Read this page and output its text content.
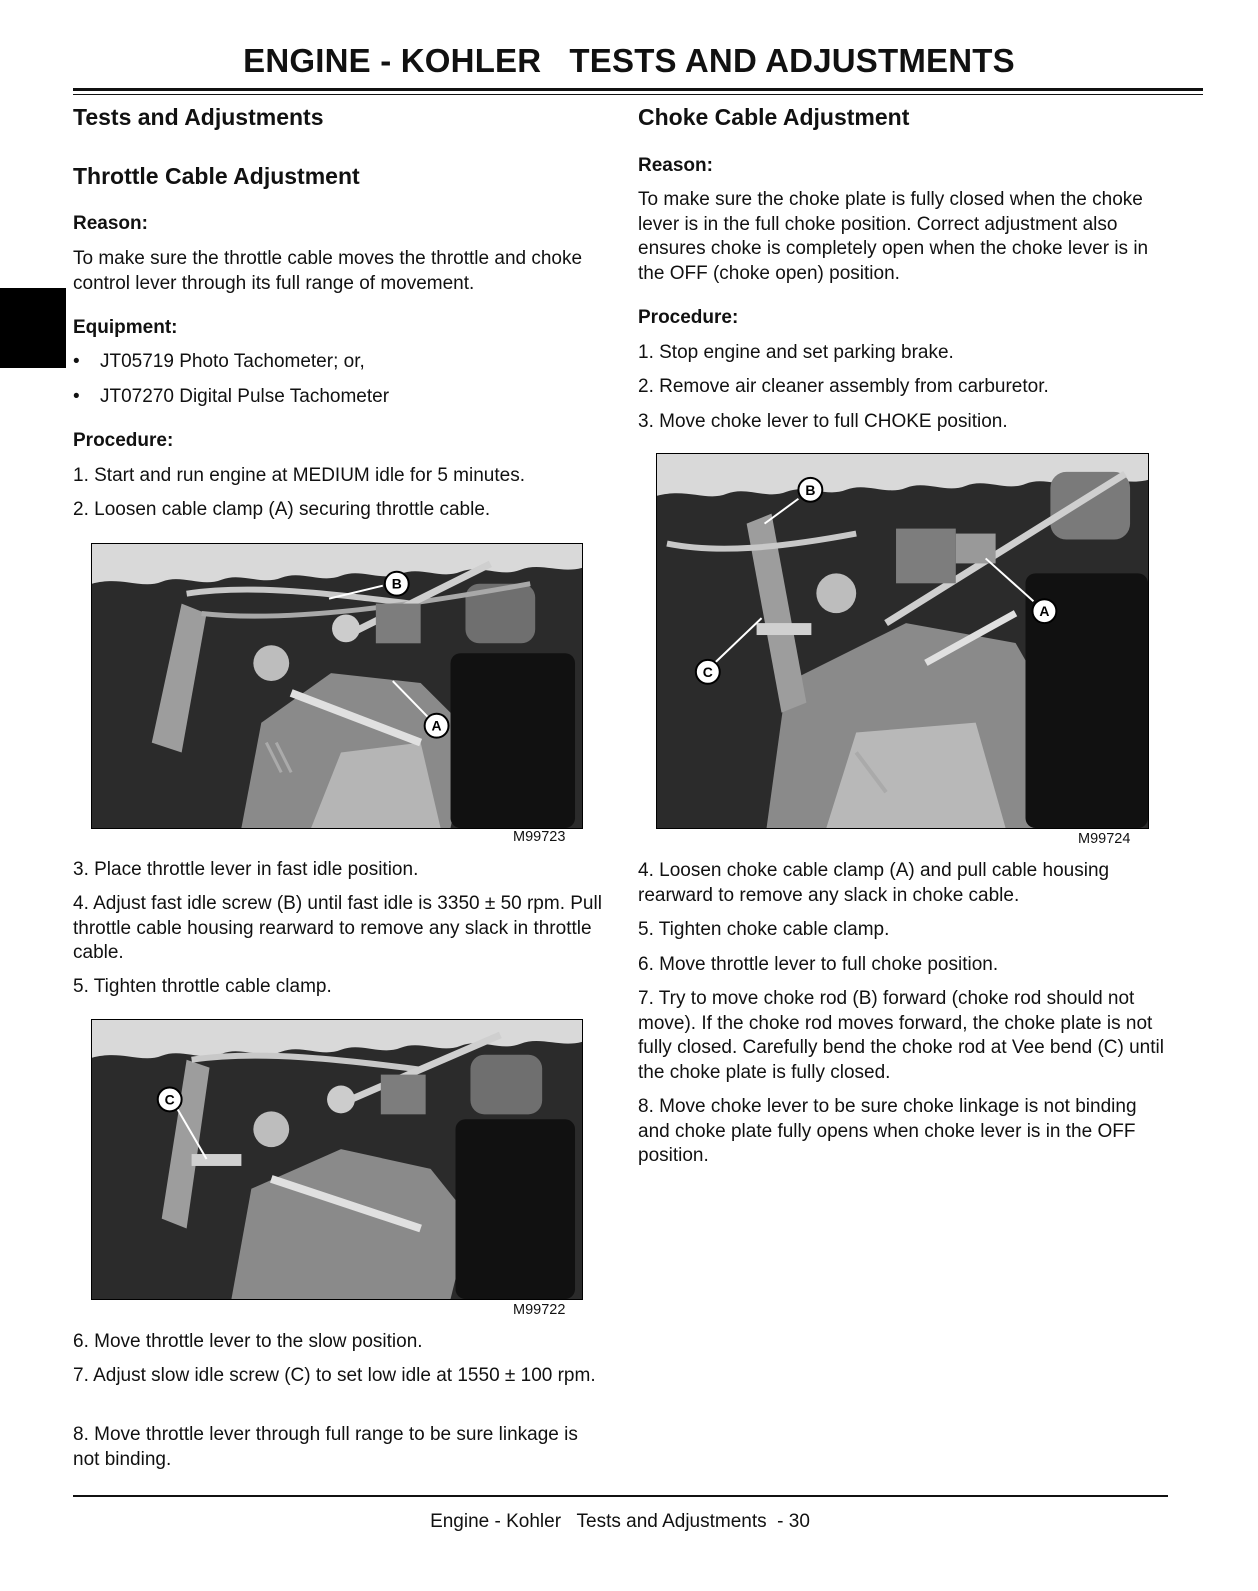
ENGINE - KOHLER   TESTS AND ADJUSTMENTS
Tests and Adjustments
Throttle Cable Adjustment
Reason:
To make sure the throttle cable moves the throttle and choke control lever through its full range of movement.
Equipment:
• JT05719 Photo Tachometer; or,
• JT07270 Digital Pulse Tachometer
Procedure:
1. Start and run engine at MEDIUM idle for 5 minutes.
2. Loosen cable clamp (A) securing throttle cable.
B
A
M99723
3. Place throttle lever in fast idle position.
4. Adjust fast idle screw (B) until fast idle is 3350 ± 50 rpm. Pull throttle cable housing rearward to remove any slack in throttle cable.
5. Tighten throttle cable clamp.
C
M99722
6. Move throttle lever to the slow position.
7. Adjust slow idle screw (C) to set low idle at 1550 ± 100 rpm.
8. Move throttle lever through full range to be sure linkage is not binding.
Choke Cable Adjustment
Reason:
To make sure the choke plate is fully closed when the choke lever is in the full choke position. Correct adjustment also ensures choke is completely open when the choke lever is in the OFF (choke open) position.
Procedure:
1. Stop engine and set parking brake.
2. Remove air cleaner assembly from carburetor.
3. Move choke lever to full CHOKE position.
B
A
C
M99724
4. Loosen choke cable clamp (A) and pull cable housing rearward to remove any slack in choke cable.
5. Tighten choke cable clamp.
6. Move throttle lever to full choke position.
7. Try to move choke rod (B) forward (choke rod should not move). If the choke rod moves forward, the choke plate is not fully closed. Carefully bend the choke rod at Vee bend (C) until the choke plate is fully closed.
8. Move choke lever to be sure choke linkage is not binding and choke plate fully opens when choke lever is in the OFF position.
Engine - Kohler   Tests and Adjustments  - 30
